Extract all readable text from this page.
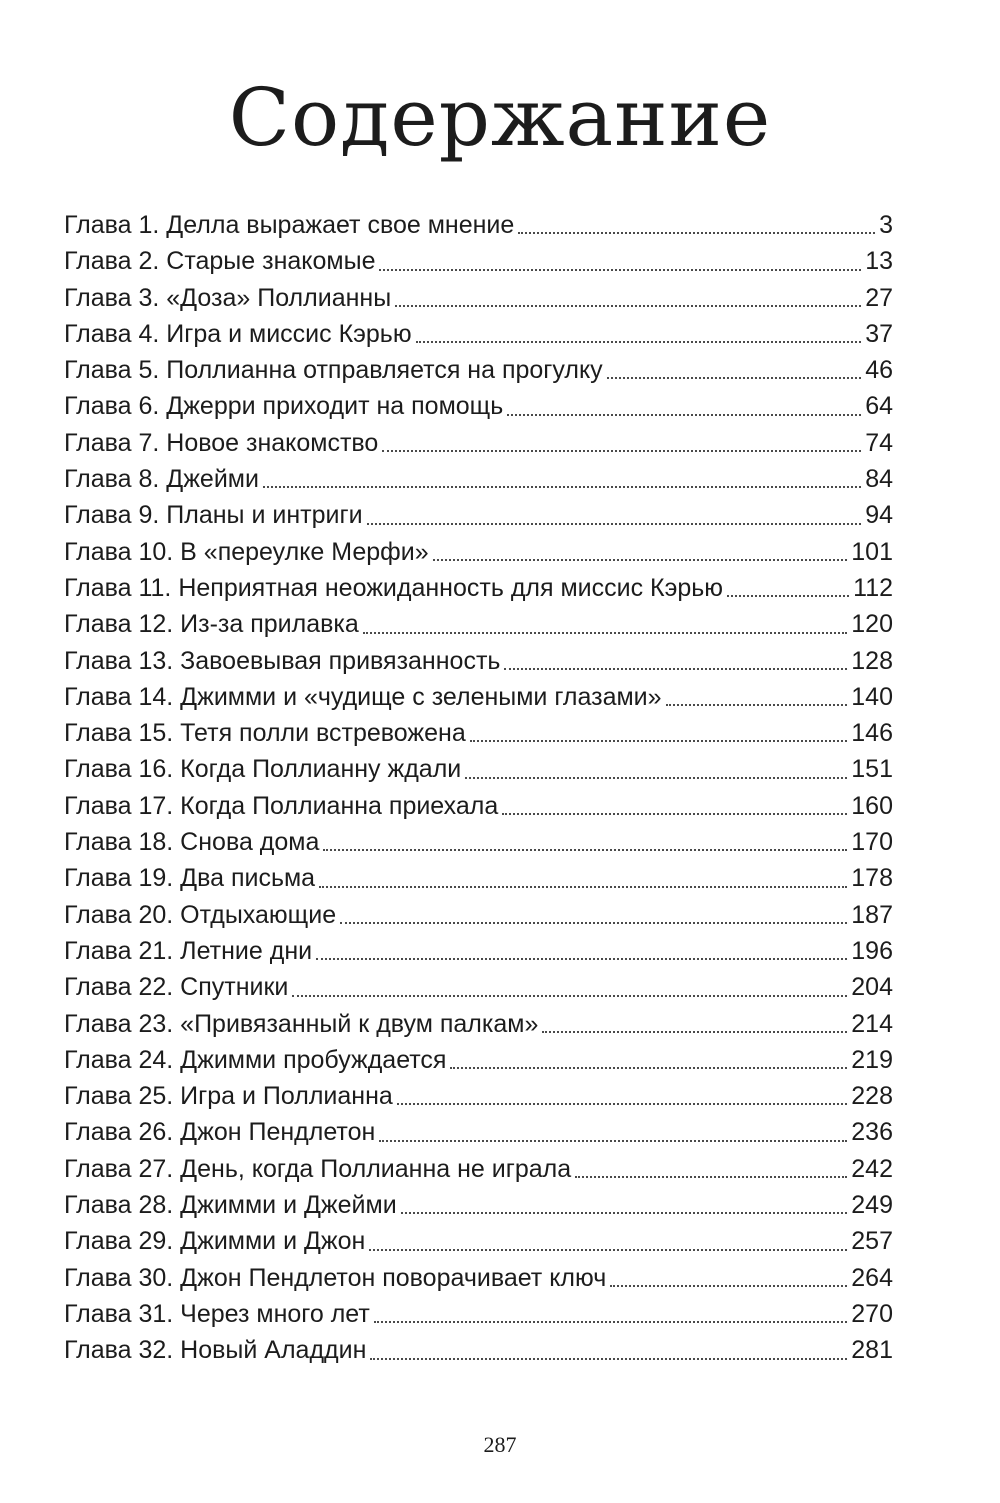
Содержание
Глава 1. Делла выражает свое мнение	3
Глава 2. Старые знакомые	13
Глава 3. «Доза» Поллианны	27
Глава 4. Игра и миссис Кэрью	37
Глава 5. Поллианна отправляется на прогулку	46
Глава 6. Джерри приходит на помощь	64
Глава 7. Новое знакомство	74
Глава 8. Джейми	84
Глава 9. Планы и интриги	94
Глава 10. В «переулке Мерфи»	101
Глава 11. Неприятная неожиданность для миссис Кэрью	112
Глава 12. Из-за прилавка	120
Глава 13. Завоевывая привязанность	128
Глава 14. Джимми и «чудище с зелеными глазами»	140
Глава 15. Тетя полли встревожена	146
Глава 16. Когда Поллианну ждали	151
Глава 17. Когда Поллианна приехала	160
Глава 18. Снова дома	170
Глава 19. Два письма	178
Глава 20. Отдыхающие	187
Глава 21. Летние дни	196
Глава 22. Спутники	204
Глава 23. «Привязанный к двум палкам»	214
Глава 24. Джимми пробуждается	219
Глава 25. Игра и Поллианна	228
Глава 26. Джон Пендлетон	236
Глава 27. День, когда Поллианна не играла	242
Глава 28. Джимми и Джейми	249
Глава 29. Джимми и Джон	257
Глава 30. Джон Пендлетон поворачивает ключ	264
Глава 31. Через много лет	270
Глава 32. Новый Аладдин	281
287
